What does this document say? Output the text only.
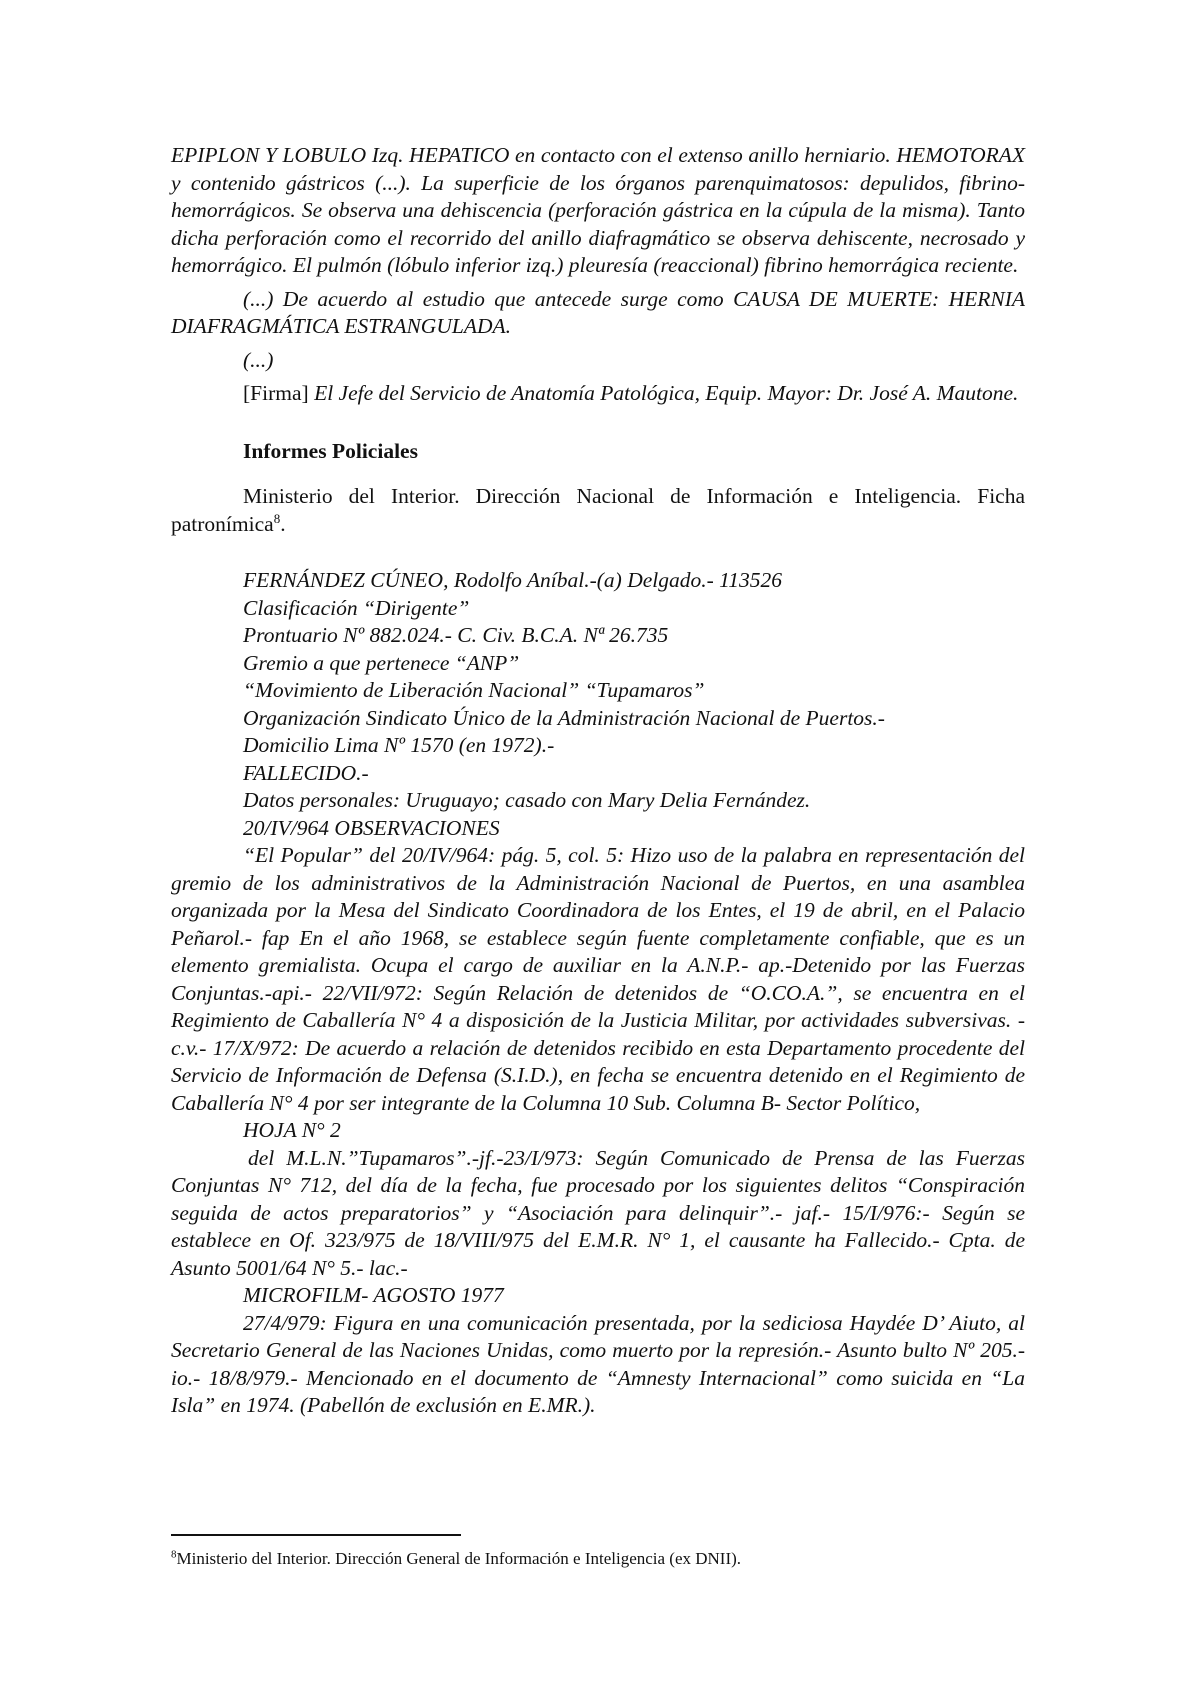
EPIPLON Y LOBULO Izq. HEPATICO en contacto con el extenso anillo herniario. HEMOTORAX y contenido gástricos (...). La superficie de los órganos parenquimatosos: depulidos, fibrino-hemorrágicos. Se observa una dehiscencia (perforación gástrica en la cúpula de la misma). Tanto dicha perforación como el recorrido del anillo diafragmático se observa dehiscente, necrosado y hemorrágico. El pulmón (lóbulo inferior izq.) pleuresía (reaccional) fibrino hemorrágica reciente.

(...) De acuerdo al estudio que antecede surge como CAUSA DE MUERTE: HERNIA DIAFRAGMÁTICA ESTRANGULADA.

(...)

[Firma] El Jefe del Servicio de Anatomía Patológica, Equip. Mayor: Dr. José A. Mautone.

Informes Policiales

Ministerio del Interior. Dirección Nacional de Información e Inteligencia. Ficha patronímica$^8$.

FERNÁNDEZ CÚNEO, Rodolfo Aníbal.-(a) Delgado.- 113526

Clasificación “Dirigente”

Prontuario Nº 882.024.- C. Civ. B.C.A. Nª 26.735

Gremio a que pertenece “ANP”

“Movimiento de Liberación Nacional” “Tupamaros”

Organización Sindicato Único de la Administración Nacional de Puertos.-

Domicilio Lima Nº 1570 (en 1972).-

FALLECIDO.-

Datos personales: Uruguayo; casado con Mary Delia Fernández.

20/IV/964 OBSERVACIONES

“El Popular” del 20/IV/964: pág. 5, col. 5: Hizo uso de la palabra en representación del gremio de los administrativos de la Administración Nacional de Puertos, en una asamblea organizada por la Mesa del Sindicato Coordinadora de los Entes, el 19 de abril, en el Palacio Peñarol.- fap En el año 1968, se establece según fuente completamente confiable, que es un elemento gremialista. Ocupa el cargo de auxiliar en la A.N.P.- ap.-Detenido por las Fuerzas Conjuntas.-api.- 22/VII/972: Según Relación de detenidos de “O.CO.A.”, se encuentra en el Regimiento de Caballería N° 4 a disposición de la Justicia Militar, por actividades subversivas. -c.v.- 17/X/972: De acuerdo a relación de detenidos recibido en esta Departamento procedente del Servicio de Información de Defensa (S.I.D.), en fecha se encuentra detenido en el Regimiento de Caballería N° 4 por ser integrante de la Columna 10 Sub. Columna B- Sector Político,

HOJA N° 2

del M.L.N.”Tupamaros”.-jf.-23/I/973: Según Comunicado de Prensa de las Fuerzas Conjuntas N° 712, del día de la fecha, fue procesado por los siguientes delitos “Conspiración seguida de actos preparatorios” y “Asociación para delinquir”.- jaf.- 15/I/976:- Según se establece en Of. 323/975 de 18/VIII/975 del E.M.R. N° 1, el causante ha Fallecido.- Cpta. de Asunto 5001/64 N° 5.- lac.-

MICROFILM- AGOSTO 1977

27/4/979: Figura en una comunicación presentada, por la sediciosa Haydée D’ Aiuto, al Secretario General de las Naciones Unidas, como muerto por la represión.- Asunto bulto Nº 205.-io.- 18/8/979.- Mencionado en el documento de “Amnesty Internacional” como suicida en “La Isla” en 1974. (Pabellón de exclusión en E.MR.).

$^8$Ministerio del Interior. Dirección General de Información e Inteligencia (ex DNII).
